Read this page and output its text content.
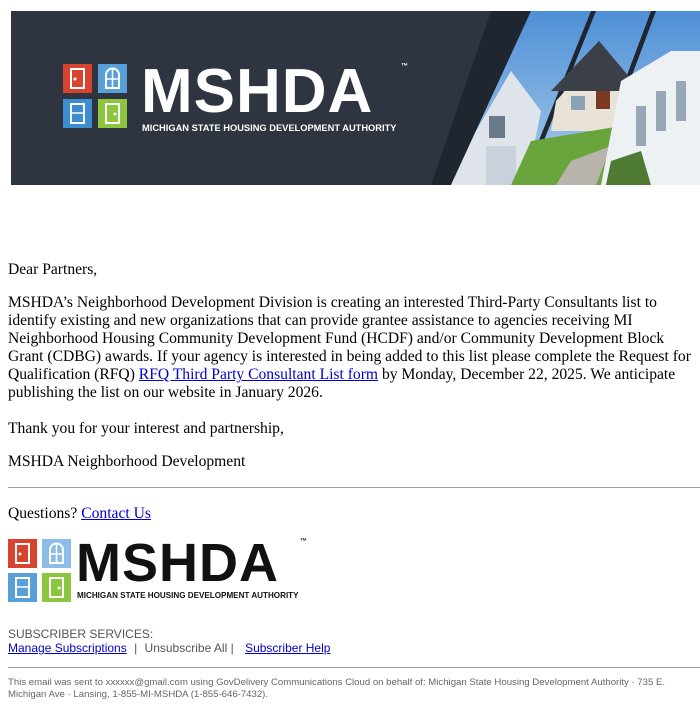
MSHDA	™
MICHIGAN STATE HOUSING DEVELOPMENT AUTHORITY
Dear Partners,
MSHDA’s Neighborhood Development Division is creating an interested Third-Party Consultants list to
identify existing and new organizations that can provide grantee assistance to agencies receiving MI
Neighborhood Housing Community Development Fund (HCDF) and/or Community Development Block
Grant (CDBG) awards. If your agency is interested in being added to this list please complete the Request for
Qualification (RFQ) RFQ Third Party Consultant List form by Monday, December 22, 2025. We anticipate
publishing the list on our website in January 2026.
Thank you for your interest and partnership,
MSHDA Neighborhood Development
Questions? Contact Us
MSHDA	™
MICHIGAN STATE HOUSING DEVELOPMENT AUTHORITY
SUBSCRIBER SERVICES:
Manage Subscriptions | Unsubscribe All | Subscriber Help
This email was sent to xxxxxx@gmail.com using GovDelivery Communications Cloud on behalf of: Michigan State Housing Development Authority · 735 E. Michigan Ave · Lansing, 1-855-MI-MSHDA (1-855-646-7432).
